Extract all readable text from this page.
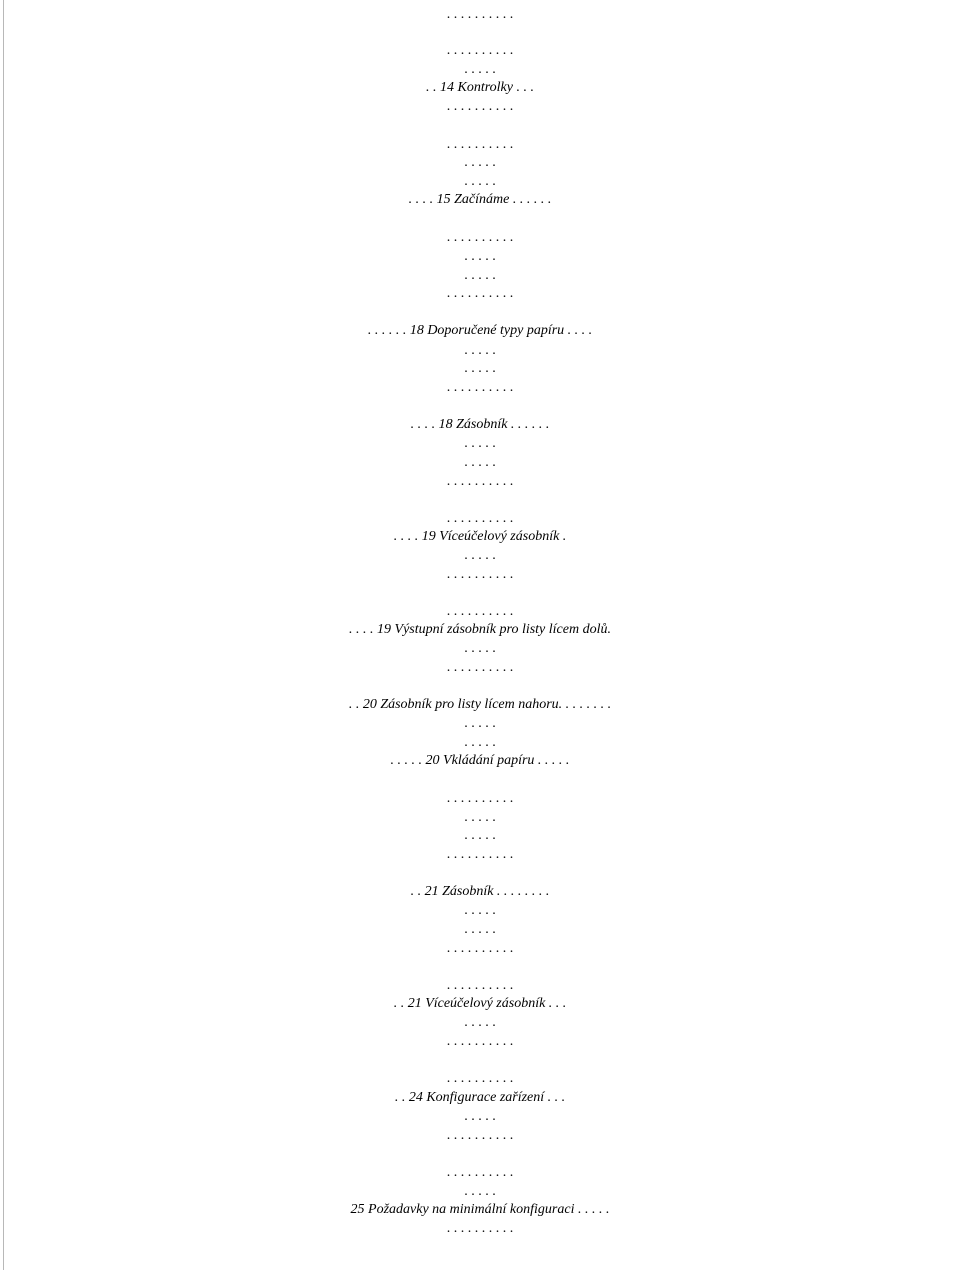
. . . . . . . . . .
. . . . . . . . . .
. . . . .
. . 14 Kontrolky . . .
. . . . . . . . . .
. . . . . . . . . .
. . . . .
. . . . .
. . . . 15 Začínáme . . . . . .
. . . . . . . . . .
. . . . .
. . . . .
. . . . . . . . . .
. . . . . . 18 Doporučené typy papíru . . . .
. . . . .
. . . . .
. . . . . . . . . .
. . . . 18 Zásobník . . . . . .
. . . . .
. . . . .
. . . . . . . . . .
. . . . . . . . . .
. . . . 19 Víceúčelový zásobník .
. . . . .
. . . . . . . . . .
. . . . . . . . . .
. . . . 19 Výstupní zásobník pro listy lícem dolů.
. . . . .
. . . . . . . . . .
. . 20 Zásobník pro listy lícem nahoru. . . . . . . .
. . . . .
. . . . .
. . . . . 20 Vkládání papíru . . . . .
. . . . . . . . . .
. . . . .
. . . . .
. . . . . . . . . .
. . 21 Zásobník . . . . . . . .
. . . . .
. . . . .
. . . . . . . . . .
. . . . . . . . . .
. . 21 Víceúčelový zásobník . . .
. . . . .
. . . . . . . . . .
. . . . . . . . . .
. . 24 Konfigurace zařízení . . .
. . . . .
. . . . . . . . . .
. . . . . . . . . .
. . . . .
25 Požadavky na minimální konfiguraci . . . . .
. . . . . . . . . .
